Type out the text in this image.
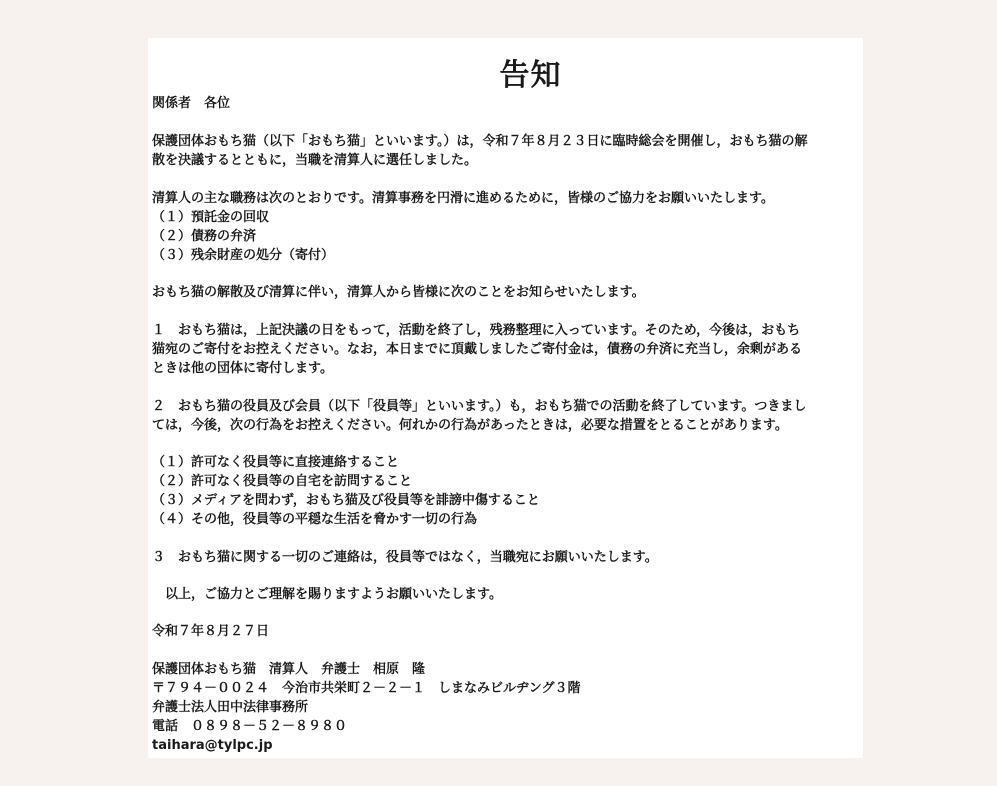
告知
関係者　各位
保護団体おもち猫（以下「おもち猫」といいます。）は，令和７年８月２３日に臨時総会を開催し，おもち猫の解
散を決議するとともに，当職を清算人に選任しました。
清算人の主な職務は次のとおりです。清算事務を円滑に進めるために，皆様のご協力をお願いいたします。
（１）預託金の回収
（２）債務の弁済
（３）残余財産の処分（寄付）
おもち猫の解散及び清算に伴い，清算人から皆様に次のことをお知らせいたします。
１　おもち猫は，上記決議の日をもって，活動を終了し，残務整理に入っています。そのため，今後は，おもち
猫宛のご寄付をお控えください。なお，本日までに頂戴しましたご寄付金は，債務の弁済に充当し，余剰がある
ときは他の団体に寄付します。
２　おもち猫の役員及び会員（以下「役員等」といいます。）も，おもち猫での活動を終了しています。つきまし
ては，今後，次の行為をお控えください。何れかの行為があったときは，必要な措置をとることがあります。
（１）許可なく役員等に直接連絡すること
（２）許可なく役員等の自宅を訪問すること
（３）メディアを問わず，おもち猫及び役員等を誹謗中傷すること
（４）その他，役員等の平穏な生活を脅かす一切の行為
３　おもち猫に関する一切のご連絡は，役員等ではなく，当職宛にお願いいたします。
　以上，ご協力とご理解を賜りますようお願いいたします。
令和７年８月２７日
保護団体おもち猫　清算人　弁護士　相原　隆
〒７９４－００２４　今治市共栄町２－２－１　しまなみビルヂング３階
弁護士法人田中法律事務所
電話　０８９８－５２－８９８０
taihara@tylpc.jp
